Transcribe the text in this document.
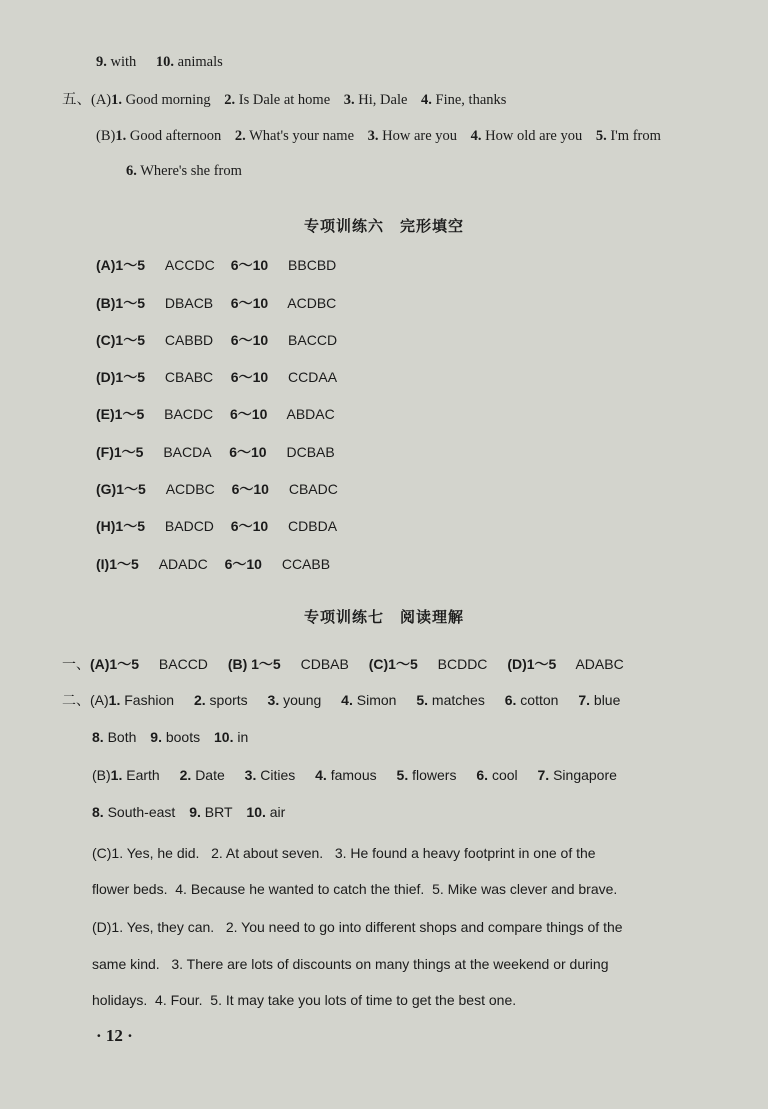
9. with 10. animals
五、(A)1. Good morning 2. Is Dale at home 3. Hi, Dale 4. Fine, thanks
(B)1. Good afternoon 2. What's your name 3. How are you 4. How old are you 5. I'm from
6. Where's she from
专项训练六　完形填空
(A)1～5 ACCDC 6～10 BBCBD
(B)1～5 DBACB 6～10 ACDBC
(C)1～5 CABBD 6～10 BACCD
(D)1～5 CBABC 6～10 CCDAA
(E)1～5 BACDC 6～10 ABDAC
(F)1～5 BACDA 6～10 DCBAB
(G)1～5 ACDBC 6～10 CBADC
(H)1～5 BADCD 6～10 CDBDA
(I)1～5 ADADC 6～10 CCABB
专项训练七　阅读理解
一、(A)1～5 BACCD (B) 1～5 CDBAB (C)1～5 BCDDC (D)1～5 ADABC
二、(A)1. Fashion 2. sports 3. young 4. Simon 5. matches 6. cotton 7. blue
8. Both 9. boots 10. in
(B)1. Earth 2. Date 3. Cities 4. famous 5. flowers 6. cool 7. Singapore
8. South-east 9. BRT 10. air
(C)1. Yes, he did.   2. At about seven.   3. He found a heavy footprint in one of the
flower beds.  4. Because he wanted to catch the thief.  5. Mike was clever and brave.
(D)1. Yes, they can.   2. You need to go into different shops and compare things of the
same kind.   3. There are lots of discounts on many things at the weekend or during
holidays.  4. Four.  5. It may take you lots of time to get the best one.
· 12 ·
